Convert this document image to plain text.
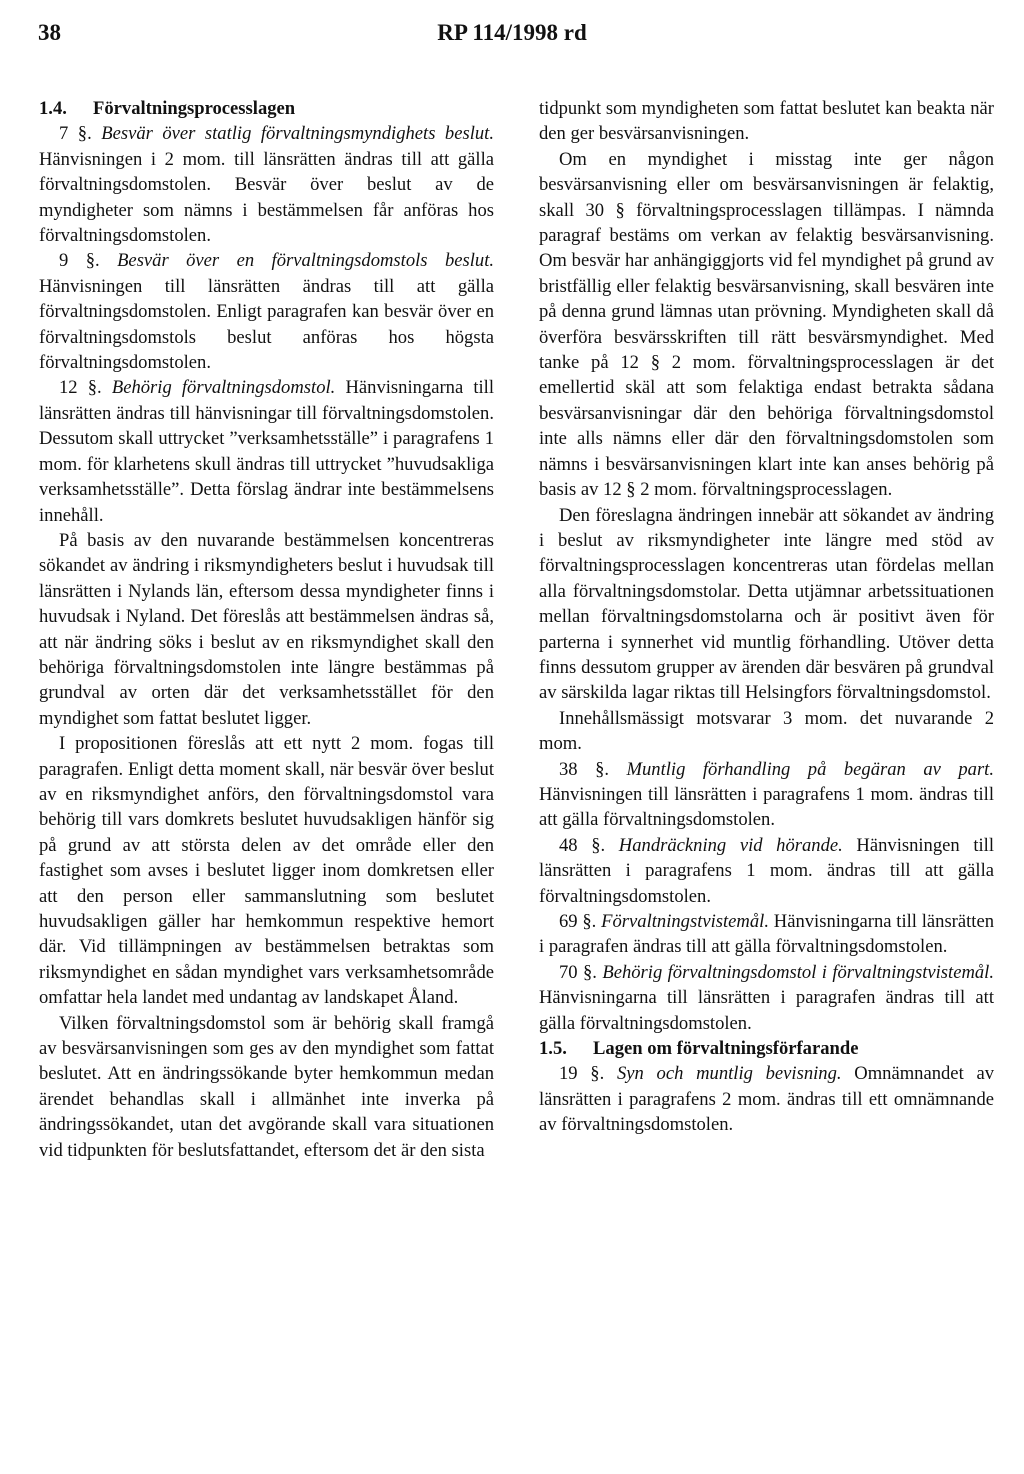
38	RP 114/1998 rd
1.4. Förvaltningsprocesslagen

7 §. Besvär över statlig förvaltningsmyndighets beslut. Hänvisningen i 2 mom. till länsrätten ändras till att gälla förvaltningsdomstolen. Besvär över beslut av de myndigheter som nämns i bestämmelsen får anföras hos förvaltningsdomstolen.

9 §. Besvär över en förvaltningsdomstols beslut. Hänvisningen till länsrätten ändras till att gälla förvaltningsdomstolen. Enligt paragrafen kan besvär över en förvaltningsdomstols beslut anföras hos högsta förvaltningsdomstolen.

12 §. Behörig förvaltningsdomstol. Hänvisningarna till länsrätten ändras till hänvisningar till förvaltningsdomstolen. Dessutom skall uttrycket ”verksamhetsställe” i paragrafens 1 mom. för klarhetens skull ändras till uttrycket ”huvudsakliga verksamhetsställe”. Detta förslag ändrar inte bestämmelsens innehåll.

På basis av den nuvarande bestämmelsen koncentreras sökandet av ändring i riksmyndigheters beslut i huvudsak till länsrätten i Nylands län, eftersom dessa myndigheter finns i huvudsak i Nyland. Det föreslås att bestämmelsen ändras så, att när ändring söks i beslut av en riksmyndighet skall den behöriga förvaltningsdomstolen inte längre bestämmas på grundval av orten där det verksamhetsstället för den myndighet som fattat beslutet ligger.

I propositionen föreslås att ett nytt 2 mom. fogas till paragrafen. Enligt detta moment skall, när besvär över beslut av en riksmyndighet anförs, den förvaltningsdomstol vara behörig till vars domkrets beslutet huvudsakligen hänför sig på grund av att största delen av det område eller den fastighet som avses i beslutet ligger inom domkretsen eller att den person eller sammanslutning som beslutet huvudsakligen gäller har hemkommun respektive hemort där. Vid tillämpningen av bestämmelsen betraktas som riksmyndighet en sådan myndighet vars verksamhetsområde omfattar hela landet med undantag av landskapet Åland.

Vilken förvaltningsdomstol som är behörig skall framgå av besvärsanvisningen som ges av den myndighet som fattat beslutet. Att en ändringssökande byter hemkommun medan ärendet behandlas skall i allmänhet inte inverka på ändringssökandet, utan det avgörande skall vara situationen vid tidpunkten för beslutsfattandet, eftersom det är den sista

tidpunkt som myndigheten som fattat beslutet kan beakta när den ger besvärsanvisningen.

Om en myndighet i misstag inte ger någon besvärsanvisning eller om besvärsanvisningen är felaktig, skall 30 § förvaltningsprocesslagen tillämpas. I nämnda paragraf bestäms om verkan av felaktig besvärsanvisning. Om besvär har anhängiggjorts vid fel myndighet på grund av bristfällig eller felaktig besvärsanvisning, skall besvären inte på denna grund lämnas utan prövning. Myndigheten skall då överföra besvärsskriften till rätt besvärsmyndighet. Med tanke på 12 § 2 mom. förvaltningsprocesslagen är det emellertid skäl att som felaktiga endast betrakta sådana besvärsanvisningar där den behöriga förvaltningsdomstol inte alls nämns eller där den förvaltningsdomstolen som nämns i besvärsanvisningen klart inte kan anses behörig på basis av 12 § 2 mom. förvaltningsprocesslagen.

Den föreslagna ändringen innebär att sökandet av ändring i beslut av riksmyndigheter inte längre med stöd av förvaltningsprocesslagen koncentreras utan fördelas mellan alla förvaltningsdomstolar. Detta utjämnar arbetssituationen mellan förvaltningsdomstolarna och är positivt även för parterna i synnerhet vid muntlig förhandling. Utöver detta finns dessutom grupper av ärenden där besvären på grundval av särskilda lagar riktas till Helsingfors förvaltningsdomstol.

Innehållsmässigt motsvarar 3 mom. det nuvarande 2 mom.

38 §. Muntlig förhandling på begäran av part. Hänvisningen till länsrätten i paragrafens 1 mom. ändras till att gälla förvaltningsdomstolen.

48 §. Handräckning vid hörande. Hänvisningen till länsrätten i paragrafens 1 mom. ändras till att gälla förvaltningsdomstolen.

69 §. Förvaltningstvistemål. Hänvisningarna till länsrätten i paragrafen ändras till att gälla förvaltningsdomstolen.

70 §. Behörig förvaltningsdomstol i förvaltningstvistemål. Hänvisningarna till länsrätten i paragrafen ändras till att gälla förvaltningsdomstolen.

1.5. Lagen om förvaltningsförfarande

19 §. Syn och muntlig bevisning. Omnämnandet av länsrätten i paragrafens 2 mom. ändras till ett omnämnande av förvaltningsdomstolen.
